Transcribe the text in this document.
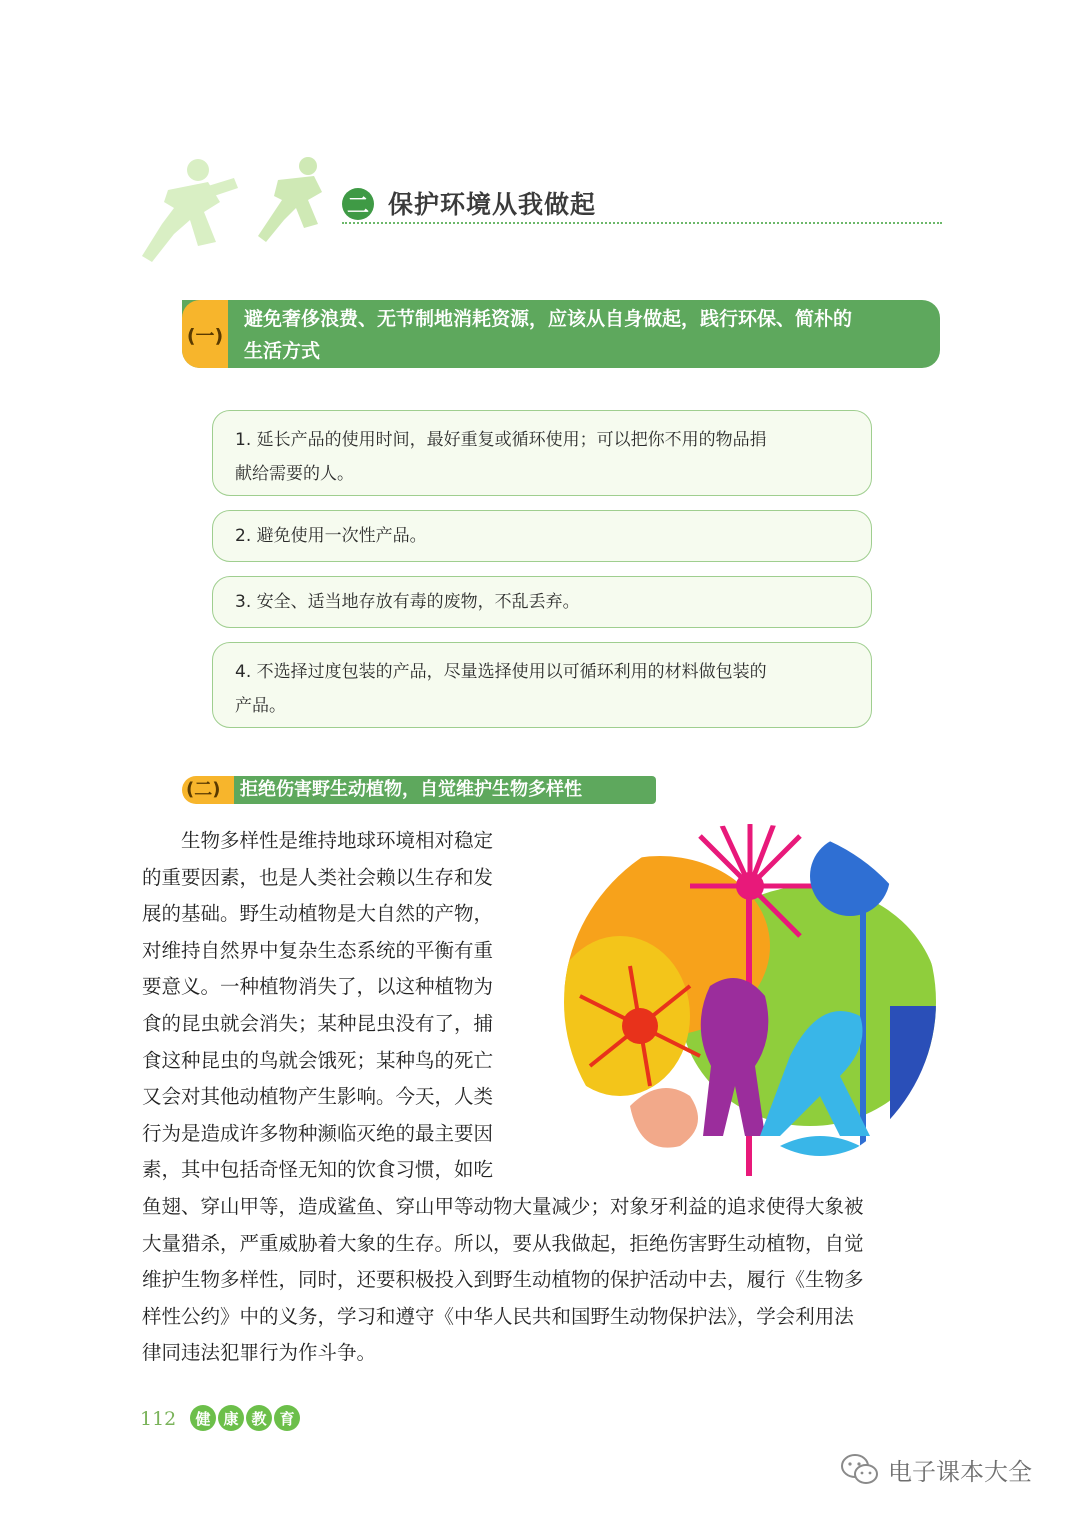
二 保护环境从我做起
(一)
避免奢侈浪费、无节制地消耗资源，应该从自身做起，践行环保、简朴的
生活方式
1. 延长产品的使用时间，最好重复或循环使用；可以把你不用的物品捐
献给需要的人。
2. 避免使用一次性产品。
3. 安全、适当地存放有毒的废物，不乱丢弃。
4. 不选择过度包装的产品，尽量选择使用以可循环利用的材料做包装的
产品。
(二) 拒绝伤害野生动植物，自觉维护生物多样性
　　生物多样性是维持地球环境相对稳定
的重要因素，也是人类社会赖以生存和发
展的基础。野生动植物是大自然的产物，
对维持自然界中复杂生态系统的平衡有重
要意义。一种植物消失了，以这种植物为
食的昆虫就会消失；某种昆虫没有了，捕
食这种昆虫的鸟就会饿死；某种鸟的死亡
又会对其他动植物产生影响。今天，人类
行为是造成许多物种濒临灭绝的最主要因
素，其中包括奇怪无知的饮食习惯，如吃
鱼翅、穿山甲等，造成鲨鱼、穿山甲等动物大量减少；对象牙利益的追求使得大象被
大量猎杀，严重威胁着大象的生存。所以，要从我做起，拒绝伤害野生动植物，自觉
维护生物多样性，同时，还要积极投入到野生动植物的保护活动中去，履行《生物多
样性公约》中的义务，学习和遵守《中华人民共和国野生动物保护法》，学会利用法
律同违法犯罪行为作斗争。
112	健 康 教 育
电子课本大全
